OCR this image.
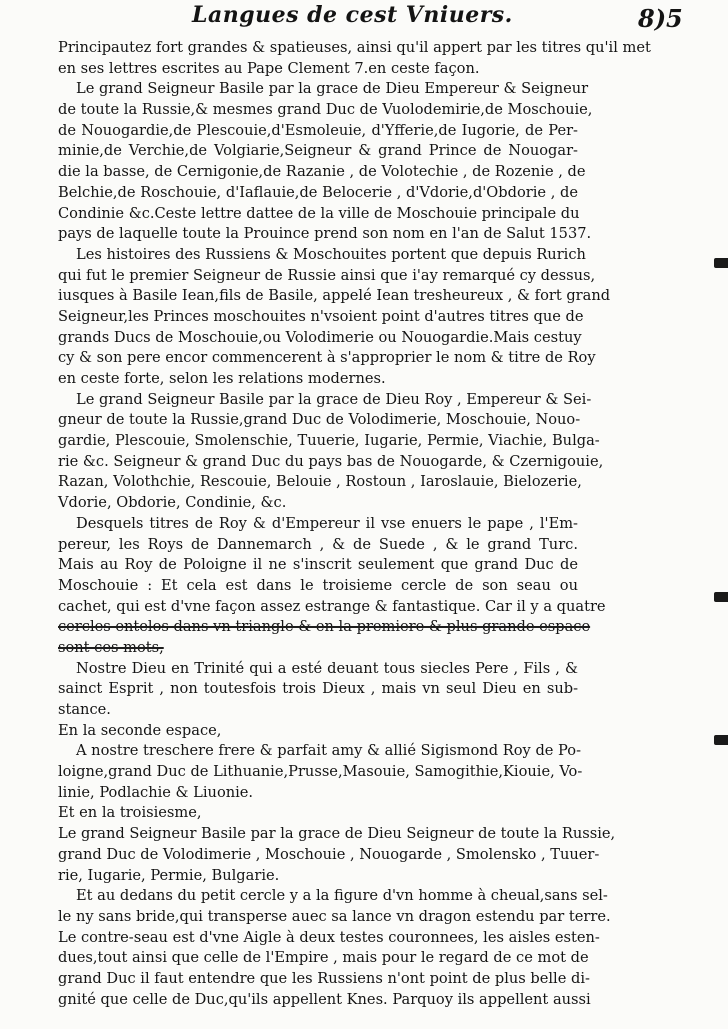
Langues de cest Vniuers.	8)5
Principautez fort grandes & spatieuses, ainsi qu'il appert par les titres qu'il met
en ses lettres escrites au Pape Clement 7.en ceste façon.
Le grand Seigneur Basile par la grace de Dieu Empereur & Seigneur
de toute la Russie,& mesmes grand Duc de Vuolodemirie,de Moschouie,
de Nouogardie,de Plescouie,d'Esmoleuie, d'Yfferie,de Iugorie, de Per-
minie,de Verchie,de Volgiarie,Seigneur & grand Prince de Nouogar-
die la basse, de Cernigonie,de Razanie , de Volotechie , de Rozenie , de
Belchie,de Roschouie, d'Iaflauie,de Belocerie , d'Vdorie,d'Obdorie , de
Condinie &c.Ceste lettre dattee de la ville de Moschouie principale du
pays de laquelle toute la Prouince prend son nom en l'an de Salut 1537.
Les histoires des Russiens & Moschouites portent que depuis Rurich
qui fut le premier Seigneur de Russie ainsi que i'ay remarqué cy dessus,
iusques à Basile Iean,fils de Basile, appelé Iean tresheureux , & fort grand
Seigneur,les Princes moschouites n'vsoient point d'autres titres que de
grands Ducs de Moschouie,ou Volodimerie ou Nouogardie.Mais cestuy
cy & son pere encor commencerent à s'approprier le nom & titre de Roy
en ceste forte, selon les relations modernes.
Le grand Seigneur Basile par la grace de Dieu Roy , Empereur & Sei-
gneur de toute la Russie,grand Duc de Volodimerie, Moschouie, Nouo-
gardie, Plescouie, Smolenschie, Tuuerie, Iugarie, Permie, Viachie, Bulga-
rie &c. Seigneur & grand Duc du pays bas de Nouogarde, & Czernigouie,
Razan, Volothchie, Rescouie, Belouie , Rostoun , Iaroslauie, Bielozerie,
Vdorie, Obdorie, Condinie, &c.
Desquels titres de Roy & d'Empereur il vse enuers le pape , l'Em-
pereur, les Roys de Dannemarch , & de Suede , & le grand Turc.
Mais au Roy de Poloigne il ne s'inscrit seulement que grand Duc de
Moschouie : Et cela est dans le troisieme cercle de son seau ou
cachet, qui est d'vne façon assez estrange & fantastique. Car il y a quatre
cercles entelos dans vn triangle & en la premiere & plus grande espace
sont ces mots,
Nostre Dieu en Trinité qui a esté deuant tous siecles Pere , Fils , &
sainct Esprit , non toutesfois trois Dieux , mais vn seul Dieu en sub-
stance.
En la seconde espace,
A nostre treschere frere & parfait amy & allié Sigismond Roy de Po-
loigne,grand Duc de Lithuanie,Prusse,Masouie, Samogithie,Kiouie, Vo-
linie, Podlachie & Liuonie.
Et en la troisiesme,
Le grand Seigneur Basile par la grace de Dieu Seigneur de toute la Russie,
grand Duc de Volodimerie , Moschouie , Nouogarde , Smolensko , Tuuer-
rie, Iugarie, Permie, Bulgarie.
Et au dedans du petit cercle y a la figure d'vn homme à cheual,sans sel-
le ny sans bride,qui transperse auec sa lance vn dragon estendu par terre.
Le contre-seau est d'vne Aigle à deux testes couronnees, les aisles esten-
dues,tout ainsi que celle de l'Empire , mais pour le regard de ce mot de
grand Duc il faut entendre que les Russiens n'ont point de plus belle di-
gnité que celle de Duc,qu'ils appellent Knes. Parquoy ils appellent aussi
